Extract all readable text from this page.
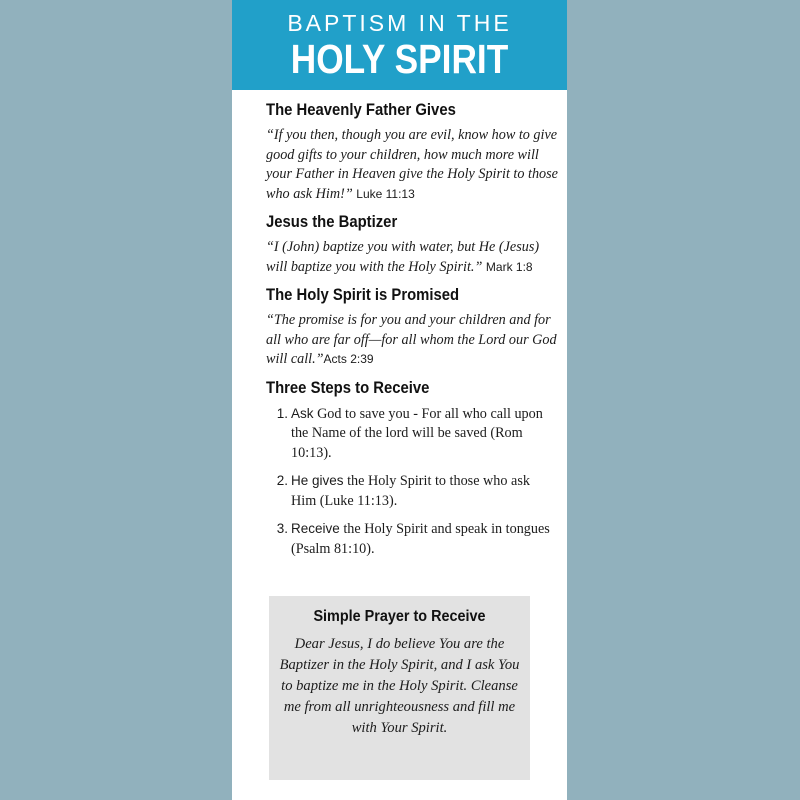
BAPTISM IN THE
HOLY SPIRIT
The Heavenly Father Gives
“If you then, though you are evil, know how to give good gifts to your children, how much more will your Father in Heaven give the Holy Spirit to those who ask Him!” Luke 11:13
Jesus the Baptizer
“I (John) baptize you with water, but He (Jesus) will baptize you with the Holy Spirit.” Mark 1:8
The Holy Spirit is Promised
“The promise is for you and your children and for all who are far off—for all whom the Lord our God will call.”Acts 2:39
Three Steps to Receive
1. Ask God to save you - For all who call upon the Name of the lord will be saved (Rom 10:13).
2. He gives the Holy Spirit to those who ask Him (Luke 11:13).
3. Receive the Holy Spirit and speak in tongues (Psalm 81:10).
Simple Prayer to Receive
Dear Jesus, I do believe You are the Baptizer in the Holy Spirit, and I ask You to baptize me in the Holy Spirit. Cleanse me from all unrighteousness and fill me with Your Spirit.
